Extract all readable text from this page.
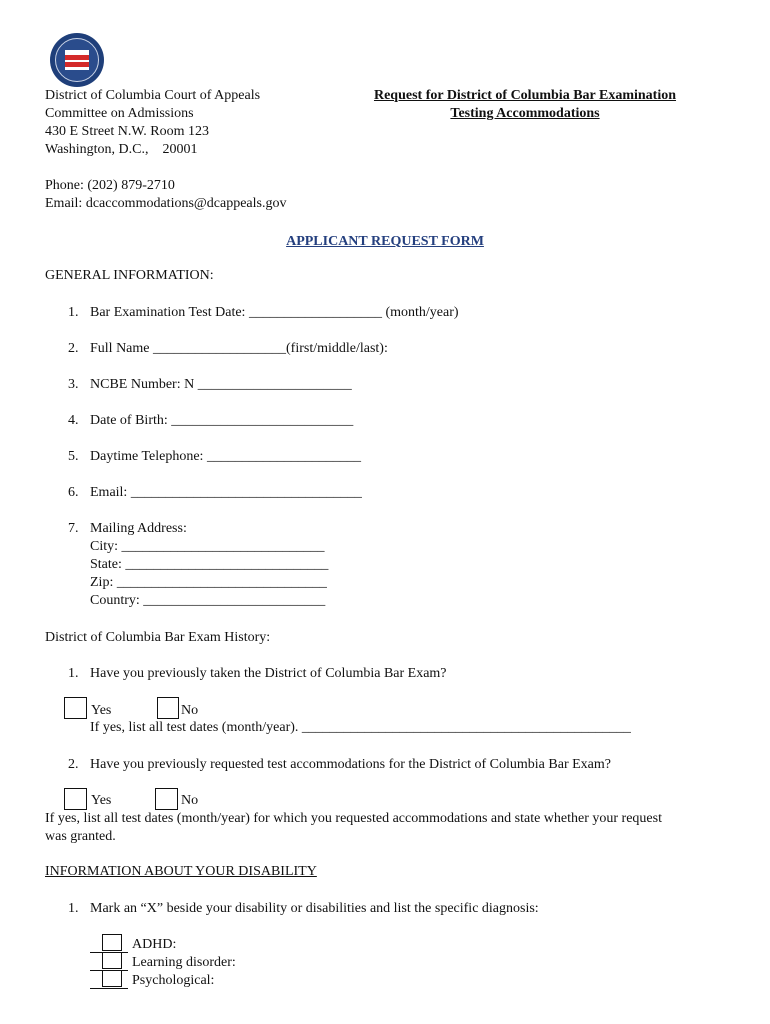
District of Columbia Court of Appeals
Committee on Admissions
430 E Street N.W. Room 123
Washington, D.C.,    20001
Phone: (202) 879-2710
Email: dcaccommodations@dcappeals.gov
Request for District of Columbia Bar Examination
Testing Accommodations
APPLICANT REQUEST FORM
GENERAL INFORMATION:
1. Bar Examination Test Date: ___________________ (month/year)
2. Full Name ___________________(first/middle/last):
3. NCBE Number: N ______________________
4. Date of Birth: __________________________
5. Daytime Telephone: ______________________
6. Email: _________________________________
7. Mailing Address:
City: _____________________________
State: _____________________________
Zip: ______________________________
Country: __________________________
District of Columbia Bar Exam History:
1. Have you previously taken the District of Columbia Bar Exam?
Yes	No
If yes, list all test dates (month/year). _______________________________________________
2. Have you previously requested test accommodations for the District of Columbia Bar Exam?
Yes	No
If yes, list all test dates (month/year) for which you requested accommodations and state whether your request
was granted.
INFORMATION ABOUT YOUR DISABILITY
1. Mark an “X” beside your disability or disabilities and list the specific diagnosis:
ADHD:
Learning disorder:
Psychological:
